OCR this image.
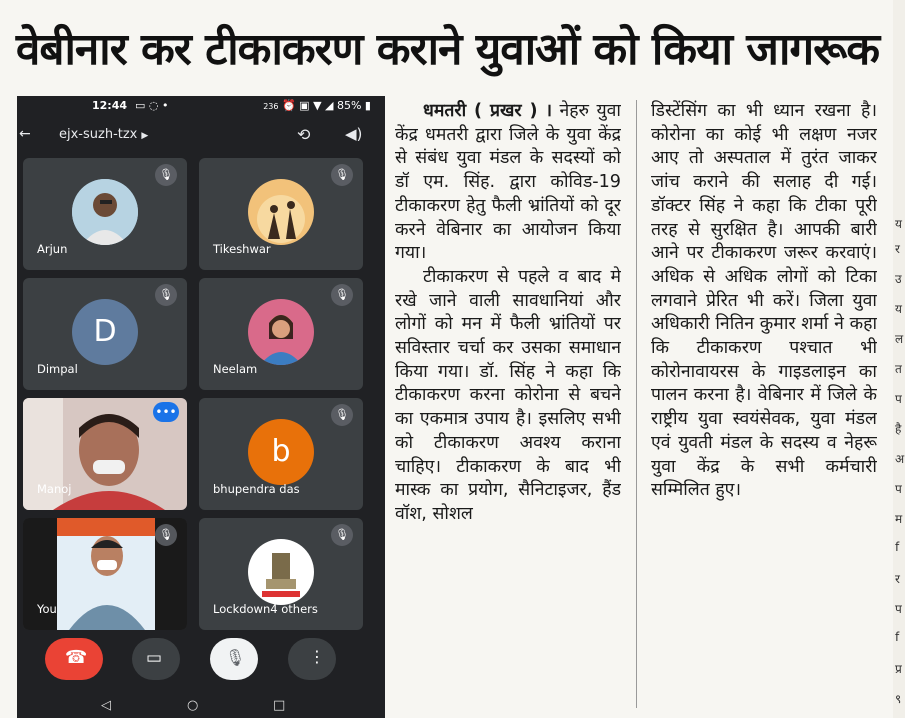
वेबीनार कर टीकाकरण कराने युवाओं को किया जागरूक
य
र
उ
य
ल
त
प
है
अ
प
म
f
र
प
f
प्र
९
12:44 ▭ ◌ •	236 ⏰ ▣ ▼ ◢ 85% ▮
← ejx-suzh-tzx ▶	⟲ ◀)
🎙
Arjun
🎙
Tikeshwar
🎙
D
Dimpal
🎙
Neelam
•••
Manoj
🎙
b
bhupendra das
🎙
You
🎙
Lockdown4 others
☎	▭	🎙	⋮
◁	○	□

धमतरी ( प्रखर ) । नेहरु युवा केंद्र धमतरी द्वारा जिले के युवा केंद्र से संबंध युवा मंडल के सदस्यों को डॉ एम. सिंह. द्वारा कोविड-19 टीकाकरण हेतु फैली भ्रांतियों को दूर करने वेबिनार का आयोजन किया गया।

टीकाकरण से पहले व बाद मे रखे जाने वाली सावधानियां और लोगों को मन में फैली भ्रांतियों पर सविस्तार चर्चा कर उसका समाधान किया गया। डॉ. सिंह ने कहा कि टीकाकरण करना कोरोना से बचने का एकमात्र उपाय है। इसलिए सभी को टीकाकरण अवश्य कराना चाहिए। टीकाकरण के बाद भी मास्क का प्रयोग, सैनिटाइजर, हैंड वॉश, सोशल

डिस्टेंसिंग का भी ध्यान रखना है। कोरोना का कोई भी लक्षण नजर आए तो अस्पताल में तुरंत जाकर जांच कराने की सलाह दी गई। डॉक्टर सिंह ने कहा कि टीका पूरी तरह से सुरक्षित है। आपकी बारी आने पर टीकाकरण जरूर करवाएं। अधिक से अधिक लोगों को टिका लगवाने प्रेरित भी करें। जिला युवा अधिकारी नितिन कुमार शर्मा ने कहा कि टीकाकरण पश्चात भी कोरोनावायरस के गाइडलाइन का पालन करना है। वेबिनार में जिले के राष्ट्रीय युवा स्वयंसेवक, युवा मंडल एवं युवती मंडल के सदस्य व नेहरू युवा केंद्र के सभी कर्मचारी सम्मिलित हुए।
